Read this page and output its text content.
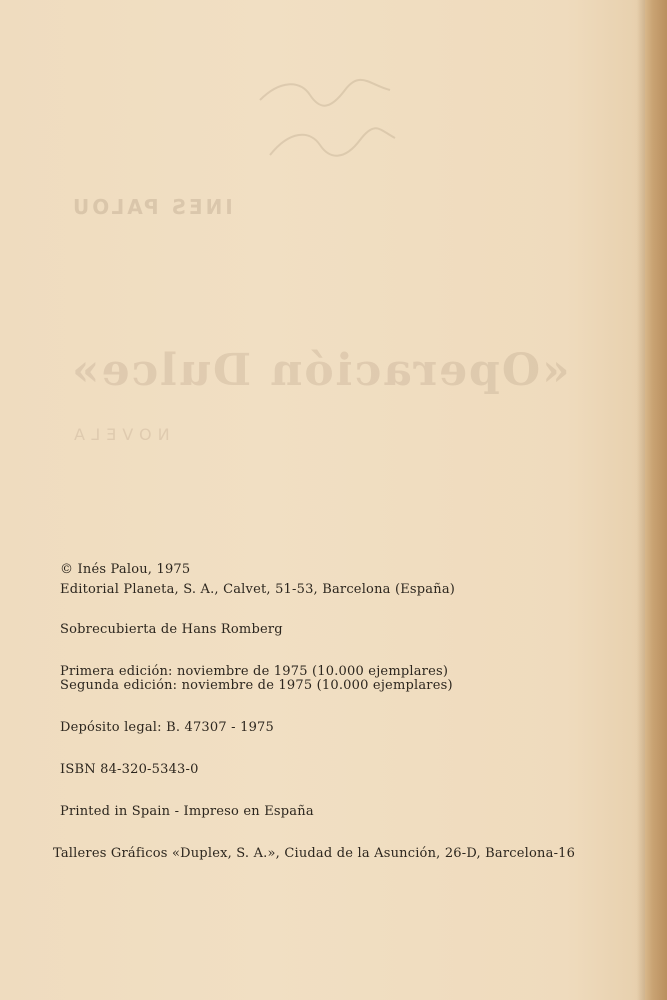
INES PALOU
«Operación Dulce»
NOVELA
© Inés Palou, 1975
Editorial Planeta, S. A., Calvet, 51-53, Barcelona (España)
Sobrecubierta de Hans Romberg
Primera edición: noviembre de 1975 (10.000 ejemplares)
Segunda edición: noviembre de 1975 (10.000 ejemplares)
Depósito legal: B. 47307 - 1975
ISBN 84-320-5343-0
Printed in Spain - Impreso en España
Talleres Gráficos «Duplex, S. A.», Ciudad de la Asunción, 26-D, Barcelona-16
